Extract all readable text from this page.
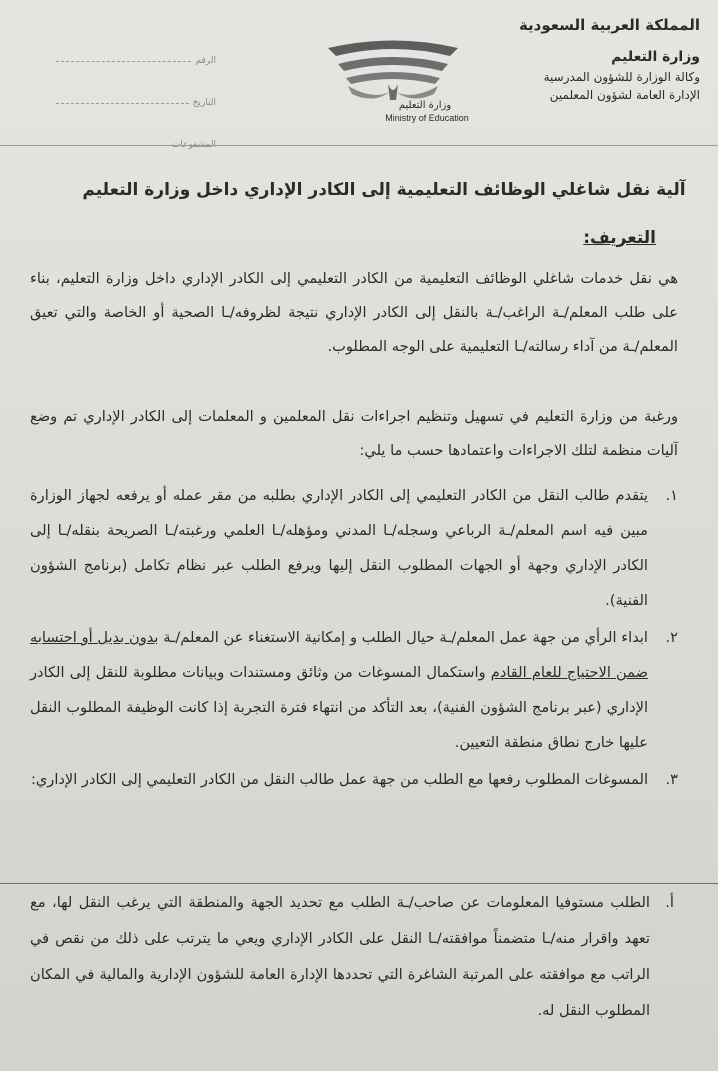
المملكة العربية السعودية
وزارة التعليم
وكالة الوزارة للشؤون المدرسية
الإدارة العامة لشؤون المعلمين
وزارة التعليم
Ministry of Education
الرقم
التاريخ
المشفوعات
آلية نقل شاغلي الوظائف التعليمية إلى الكادر الإداري داخل وزارة التعليم
التعريف:
هي نقل خدمات شاغلي الوظائف التعليمية من الكادر التعليمي إلى الكادر الإداري داخل وزارة التعليم، بناء على طلب المعلم/ـة الراغب/ـة بالنقل إلى الكادر الإداري نتيجة لظروفه/ـا الصحية أو الخاصة والتي تعيق المعلم/ـة من آداء رسالته/ـا التعليمية على الوجه المطلوب.
ورغبة من وزارة التعليم في تسهيل وتنظيم اجراءات نقل المعلمين و المعلمات إلى الكادر الإداري تم وضع آليات منظمة لتلك الاجراءات واعتمادها حسب ما يلي:
١.
يتقدم طالب النقل من الكادر التعليمي إلى الكادر الإداري بطلبه من مقر عمله أو يرفعه لجهاز الوزارة مبين فيه اسم المعلم/ـة الرباعي وسجله/ـا المدني ومؤهله/ـا العلمي ورغبته/ـا الصريحة بنقله/ـا إلى الكادر الإداري وجهة أو الجهات المطلوب النقل إليها ويرفع الطلب عبر نظام تكامل (برنامج الشؤون الفنية).
٢.
ابداء الرأي من جهة عمل المعلم/ـة حيال الطلب و إمكانية الاستغناء عن المعلم/ـة بدون بديل أو احتسابه ضمن الاحتياج للعام القادم واستكمال المسوغات من وثائق ومستندات وبيانات مطلوبة للنقل إلى الكادر الإداري (عبر برنامج الشؤون الفنية)، بعد التأكد من انتهاء فترة التجربة إذا كانت الوظيفة المطلوب النقل عليها خارج نطاق منطقة التعيين.
٣.
المسوغات المطلوب رفعها مع الطلب من جهة عمل طالب النقل من الكادر التعليمي إلى الكادر الإداري:
أ.
الطلب مستوفيا المعلومات عن صاحب/ـة الطلب مع تحديد الجهة والمنطقة التي يرغب النقل لها، مع تعهد واقرار منه/ـا متضمناً موافقته/ـا النقل على الكادر الإداري ويعي ما يترتب على ذلك من نقص في الراتب مع موافقته على المرتبة الشاغرة التي تحددها الإدارة العامة للشؤون الإدارية والمالية في المكان المطلوب النقل له.
